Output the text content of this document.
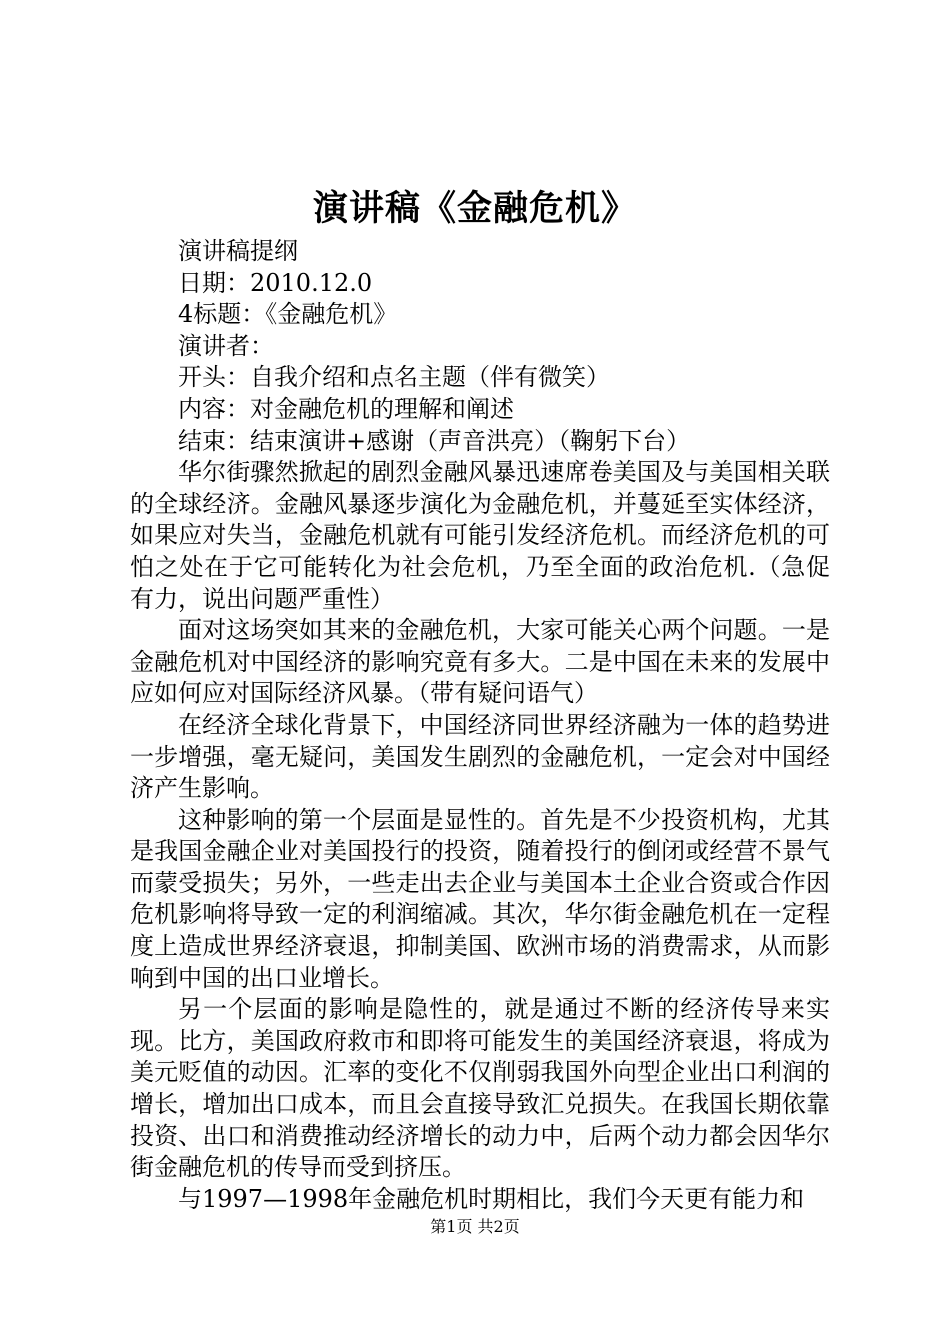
演讲稿《金融危机》

演讲稿提纲

日期：2010.12.0

4标题：《金融危机》

演讲者：

开头：自我介绍和点名主题（伴有微笑）

内容：对金融危机的理解和阐述

结束：结束演讲+感谢（声音洪亮）（鞠躬下台）

华尔街骤然掀起的剧烈金融风暴迅速席卷美国及与美国相关联的全球经济。金融风暴逐步演化为金融危机，并蔓延至实体经济，如果应对失当，金融危机就有可能引发经济危机。而经济危机的可怕之处在于它可能转化为社会危机，乃至全面的政治危机.（急促有力，说出问题严重性）

面对这场突如其来的金融危机，大家可能关心两个问题。一是金融危机对中国经济的影响究竟有多大。二是中国在未来的发展中应如何应对国际经济风暴。（带有疑问语气）

在经济全球化背景下，中国经济同世界经济融为一体的趋势进一步增强，毫无疑问，美国发生剧烈的金融危机，一定会对中国经济产生影响。

这种影响的第一个层面是显性的。首先是不少投资机构，尤其是我国金融企业对美国投行的投资，随着投行的倒闭或经营不景气而蒙受损失；另外，一些走出去企业与美国本土企业合资或合作因危机影响将导致一定的利润缩减。其次，华尔街金融危机在一定程度上造成世界经济衰退，抑制美国、欧洲市场的消费需求，从而影响到中国的出口业增长。

另一个层面的影响是隐性的，就是通过不断的经济传导来实现。比方，美国政府救市和即将可能发生的美国经济衰退，将成为美元贬值的动因。汇率的变化不仅削弱我国外向型企业出口利润的增长，增加出口成本，而且会直接导致汇兑损失。在我国长期依靠投资、出口和消费推动经济增长的动力中，后两个动力都会因华尔街金融危机的传导而受到挤压。

与1997—1998年金融危机时期相比，我们今天更有能力和

第1页 共2页
